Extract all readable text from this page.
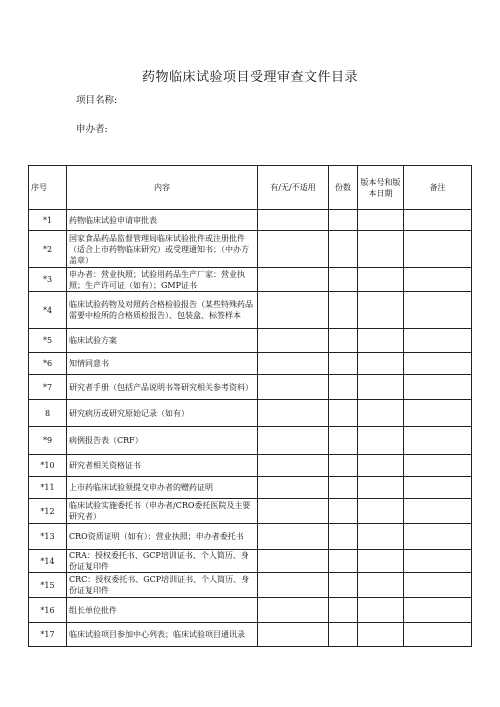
药物临床试验项目受理审查文件目录
项目名称:
申办者:
序号	内容	有/无/不适用	份数	版本号和版本日期	备注
*1	药物临床试验申请审批表				
*2	国家食品药品监督管理局临床试验批件或注册批件（适合上市药物临床研究）或受理通知书；（中办方盖章）				
*3	申办者：营业执照；试验用药品生产厂家：营业执照；生产许可证（如有）；GMP证书				
*4	临床试验药物及对照药合格检验报告（某些特殊药品需要中检所的合格质检报告）、包装盒、标签样本				
*5	临床试验方案				
*6	知情同意书				
*7	研究者手册（包括产品说明书等研究相关参考资料）				
8	研究病历或研究原始记录（如有）				
*9	病例报告表（CRF）				
*10	研究者相关资格证书				
*11	上市药临床试验须提交申办者的赠药证明				
*12	临床试验实施委托书（申办者/CRO委托医院及主要研究者）				
*13	CRO资质证明（如有）：营业执照；申办者委托书				
*14	CRA：授权委托书、GCP培训证书、个人简历、身份证复印件				
*15	CRC：授权委托书、GCP培训证书、个人简历、身份证复印件				
*16	组长单位批件				
*17	临床试验项目参加中心列表；临床试验项目通讯录				
